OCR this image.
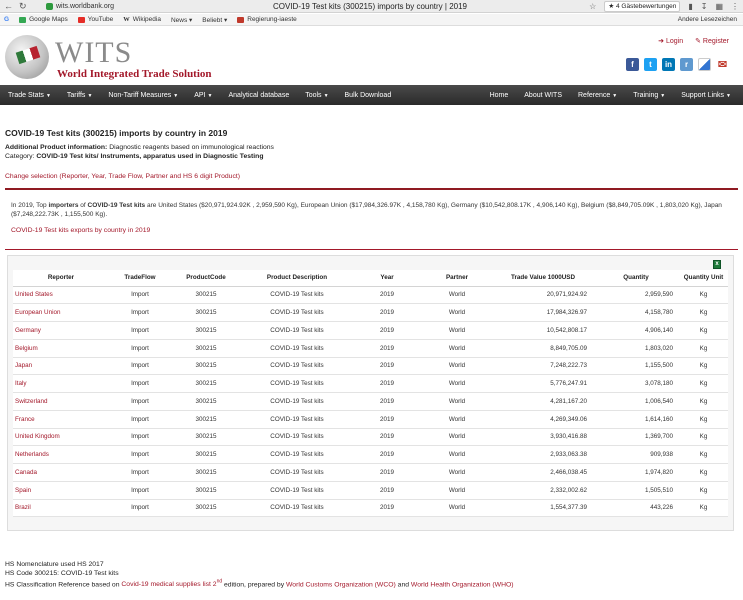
← ↻	wits.worldbank.org	COVID-19 Test kits (300215) imports by country | 2019	☆	★ 4 Gästebewertungen	▮ ↧ ▦ ⋮
G	Google Maps	YouTube W Wikipedia News ▾ Beliebt ▾	Regierung-iaeste	Andere Lesezeichen
WITS
World Integrated Trade Solution
➜ Login ✎ Register
f	t	in	r	✉
Trade Stats ▼	Tariffs ▼	Non-Tariff Measures ▼	API ▼	Analytical database	Tools ▼	Bulk Download	Home	About WITS	Reference ▼	Training ▼	Support Links ▼
COVID-19 Test kits (300215) imports by country in 2019
Additional Product information: Diagnostic reagents based on immunological reactions
Category: COVID-19 Test kits/ Instruments, apparatus used in Diagnostic Testing
Change selection (Reporter, Year, Trade Flow, Partner and HS 6 digit Product)
In 2019, Top importers of COVID-19 Test kits are United States ($20,971,924.92K , 2,959,590 Kg), European Union ($17,984,326.97K , 4,158,780 Kg), Germany ($10,542,808.17K , 4,906,140 Kg), Belgium ($8,849,705.09K , 1,803,020 Kg), Japan ($7,248,222.73K , 1,155,500 Kg).
COVID-19 Test kits exports by country in 2019
x
Reporter	TradeFlow	ProductCode	Product Description	Year	Partner	Trade Value 1000USD	Quantity	Quantity Unit
United States	Import	300215	COVID-19 Test kits	2019	World	20,971,924.92	2,959,590	Kg
European Union	Import	300215	COVID-19 Test kits	2019	World	17,984,326.97	4,158,780	Kg
Germany	Import	300215	COVID-19 Test kits	2019	World	10,542,808.17	4,906,140	Kg
Belgium	Import	300215	COVID-19 Test kits	2019	World	8,849,705.09	1,803,020	Kg
Japan	Import	300215	COVID-19 Test kits	2019	World	7,248,222.73	1,155,500	Kg
Italy	Import	300215	COVID-19 Test kits	2019	World	5,776,247.91	3,078,180	Kg
Switzerland	Import	300215	COVID-19 Test kits	2019	World	4,281,167.20	1,006,540	Kg
France	Import	300215	COVID-19 Test kits	2019	World	4,269,349.06	1,614,160	Kg
United Kingdom	Import	300215	COVID-19 Test kits	2019	World	3,930,416.88	1,369,700	Kg
Netherlands	Import	300215	COVID-19 Test kits	2019	World	2,933,063.38	909,938	Kg
Canada	Import	300215	COVID-19 Test kits	2019	World	2,466,038.45	1,974,820	Kg
Spain	Import	300215	COVID-19 Test kits	2019	World	2,332,002.62	1,505,510	Kg
Brazil	Import	300215	COVID-19 Test kits	2019	World	1,554,377.39	443,226	Kg
HS Nomenclature used HS 2017
HS Code 300215: COVID-19 Test kits
HS Classification Reference based on Covid-19 medical supplies list 2nd edition, prepared by World Customs Organization (WCO) and World Health Organization (WHO)
